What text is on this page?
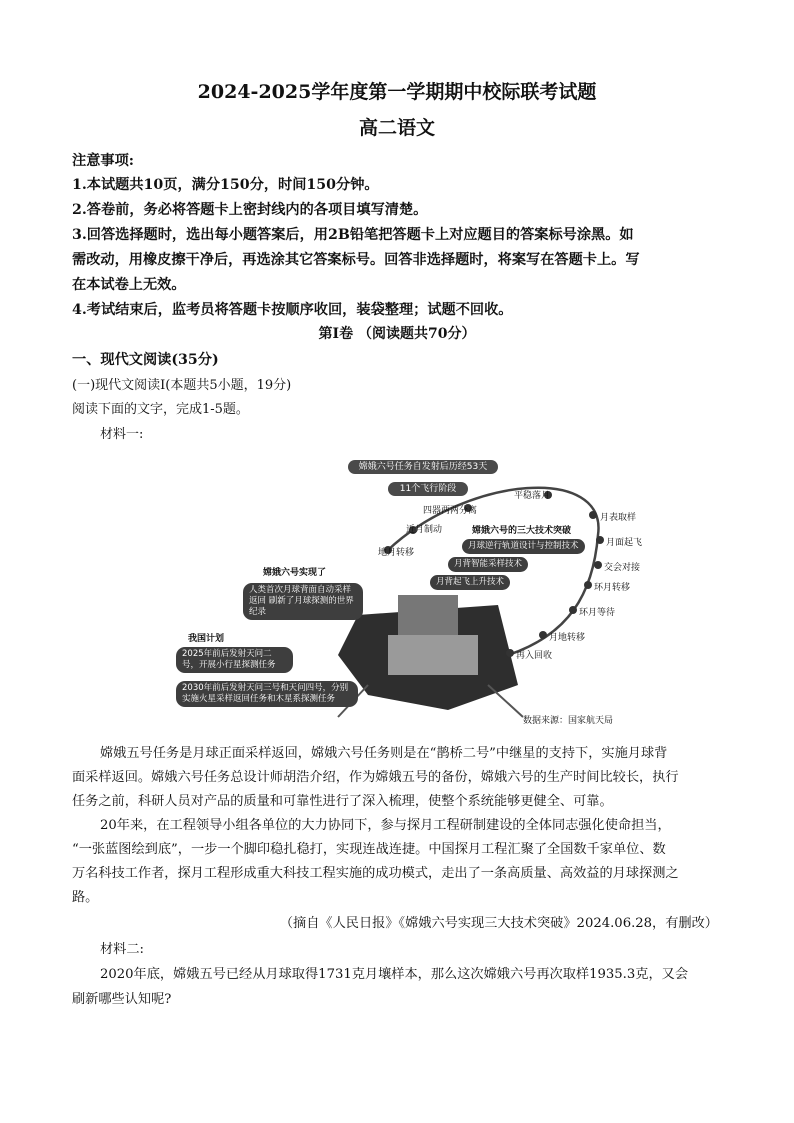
2024-2025学年度第一学期期中校际联考试题
高二语文
注意事项:
1.本试题共10页，满分150分，时间150分钟。
2.答卷前，务必将答题卡上密封线内的各项目填写清楚。
3.回答选择题时，选出每小题答案后，用2B铅笔把答题卡上对应题目的答案标号涂黑。如
需改动，用橡皮擦干净后，再选涂其它答案标号。回答非选择题时，将案写在答题卡上。写
在本试卷上无效。
4.考试结束后，监考员将答题卡按顺序收回，装袋整理；试题不回收。
第Ⅰ卷 （阅读题共70分）
一、现代文阅读(35分)
(一)现代文阅读Ⅰ(本题共5小题，19分)
阅读下面的文字，完成1-5题。
材料一:
嫦娥六号任务自发射后历经53天
11个飞行阶段
地月转移
近月制动
四器两两分离
平稳落月
月表取样
月面起飞
交会对接
环月转移
环月等待
月地转移
再入回收
嫦娥六号的三大技术突破
月球逆行轨道设计与控制技术
月背智能采样技术
月背起飞上升技术
嫦娥六号实现了
人类首次月球背面自动采样返回 刷新了月球探测的世界纪录
我国计划
2025年前后发射天问二号，开展小行星探测任务
2030年前后发射天问三号和天问四号，分别实施火星采样返回任务和木星系探测任务
数据来源：国家航天局
嫦娥五号任务是月球正面采样返回，嫦娥六号任务则是在“鹊桥二号”中继星的支持下，实施月球背
面采样返回。嫦娥六号任务总设计师胡浩介绍，作为嫦娥五号的备份，嫦娥六号的生产时间比较长，执行
任务之前，科研人员对产品的质量和可靠性进行了深入梳理，使整个系统能够更健全、可靠。
20年来，在工程领导小组各单位的大力协同下，参与探月工程研制建设的全体同志强化使命担当，
“一张蓝图绘到底”，一步一个脚印稳扎稳打，实现连战连捷。中国探月工程汇聚了全国数千家单位、数
万名科技工作者，探月工程形成重大科技工程实施的成功模式，走出了一条高质量、高效益的月球探测之
路。
（摘自《人民日报》《嫦娥六号实现三大技术突破》2024.06.28，有删改）
材料二:
2020年底，嫦娥五号已经从月球取得1731克月壤样本，那么这次嫦娥六号再次取样1935.3克，又会
刷新哪些认知呢?
